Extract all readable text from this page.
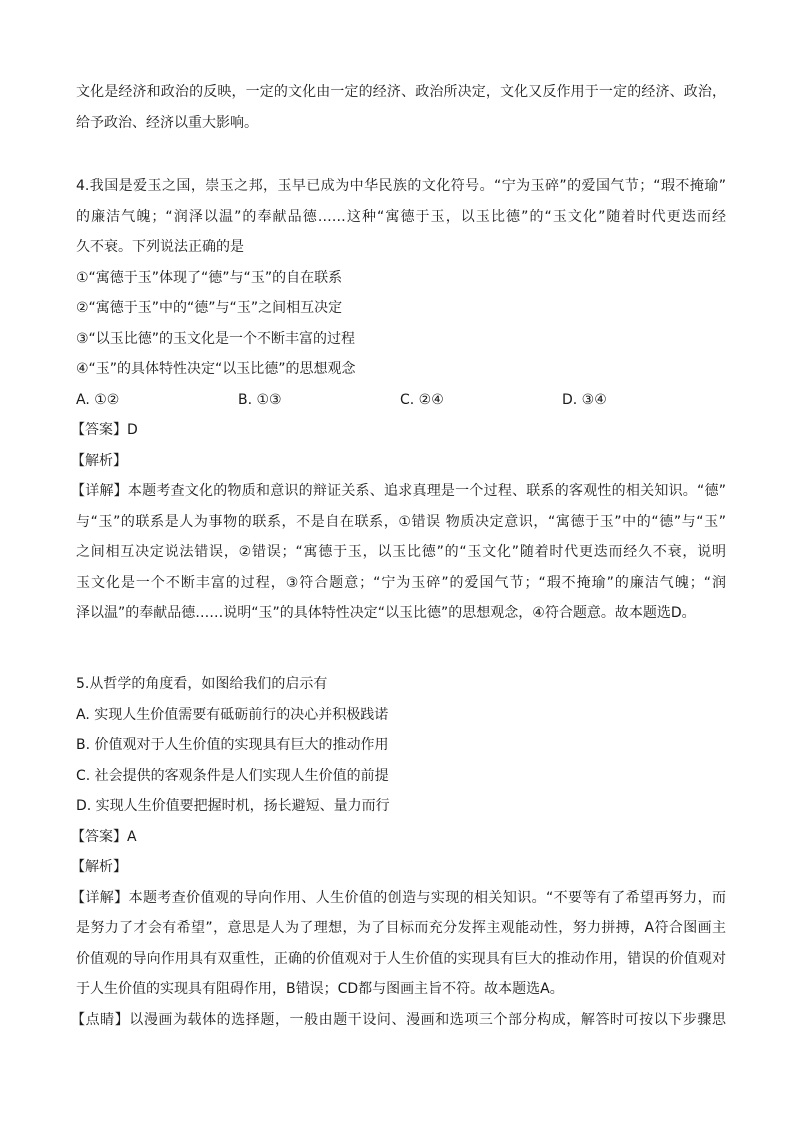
文化是经济和政治的反映，一定的文化由一定的经济、政治所决定，文化又反作用于一定的经济、政治，
给予政治、经济以重大影响。
4.我国是爱玉之国，崇玉之邦，玉早已成为中华民族的文化符号。“宁为玉碎”的爱国气节；“瑕不掩瑜”
的廉洁气魄；“润泽以温”的奉献品德……这种“寓德于玉，以玉比德”的“玉文化”随着时代更迭而经
久不衰。下列说法正确的是
①“寓德于玉”体现了“德”与“玉”的自在联系
②“寓德于玉”中的“德”与“玉”之间相互决定
③“以玉比德”的玉文化是一个不断丰富的过程
④“玉”的具体特性决定“以玉比德”的思想观念
A. ①②	B. ①③	C. ②④	D. ③④
【答案】D
【解析】
【详解】本题考查文化的物质和意识的辩证关系、追求真理是一个过程、联系的客观性的相关知识。“德”
与“玉”的联系是人为事物的联系，不是自在联系，①错误 物质决定意识，“寓德于玉”中的“德”与“玉”
之间相互决定说法错误，②错误；“寓德于玉，以玉比德”的“玉文化”随着时代更迭而经久不衰，说明
玉文化是一个不断丰富的过程，③符合题意；“宁为玉碎”的爱国气节；“瑕不掩瑜”的廉洁气魄；“润
泽以温”的奉献品德……说明“玉”的具体特性决定“以玉比德”的思想观念，④符合题意。故本题选D。
5.从哲学的角度看，如图给我们的启示有
A. 实现人生价值需要有砥砺前行的决心并积极践诺
B. 价值观对于人生价值的实现具有巨大的推动作用
C. 社会提供的客观条件是人们实现人生价值的前提
D. 实现人生价值要把握时机，扬长避短、量力而行
【答案】A
【解析】
【详解】本题考查价值观的导向作用、人生价值的创造与实现的相关知识。“不要等有了希望再努力，而
是努力了才会有希望”，意思是人为了理想，为了目标而充分发挥主观能动性，努力拼搏，A符合图画主
价值观的导向作用具有双重性，正确的价值观对于人生价值的实现具有巨大的推动作用，错误的价值观对
于人生价值的实现具有阻碍作用，B错误；CD都与图画主旨不符。故本题选A。
【点睛】以漫画为载体的选择题，一般由题干设问、漫画和选项三个部分构成，解答时可按以下步骤思
